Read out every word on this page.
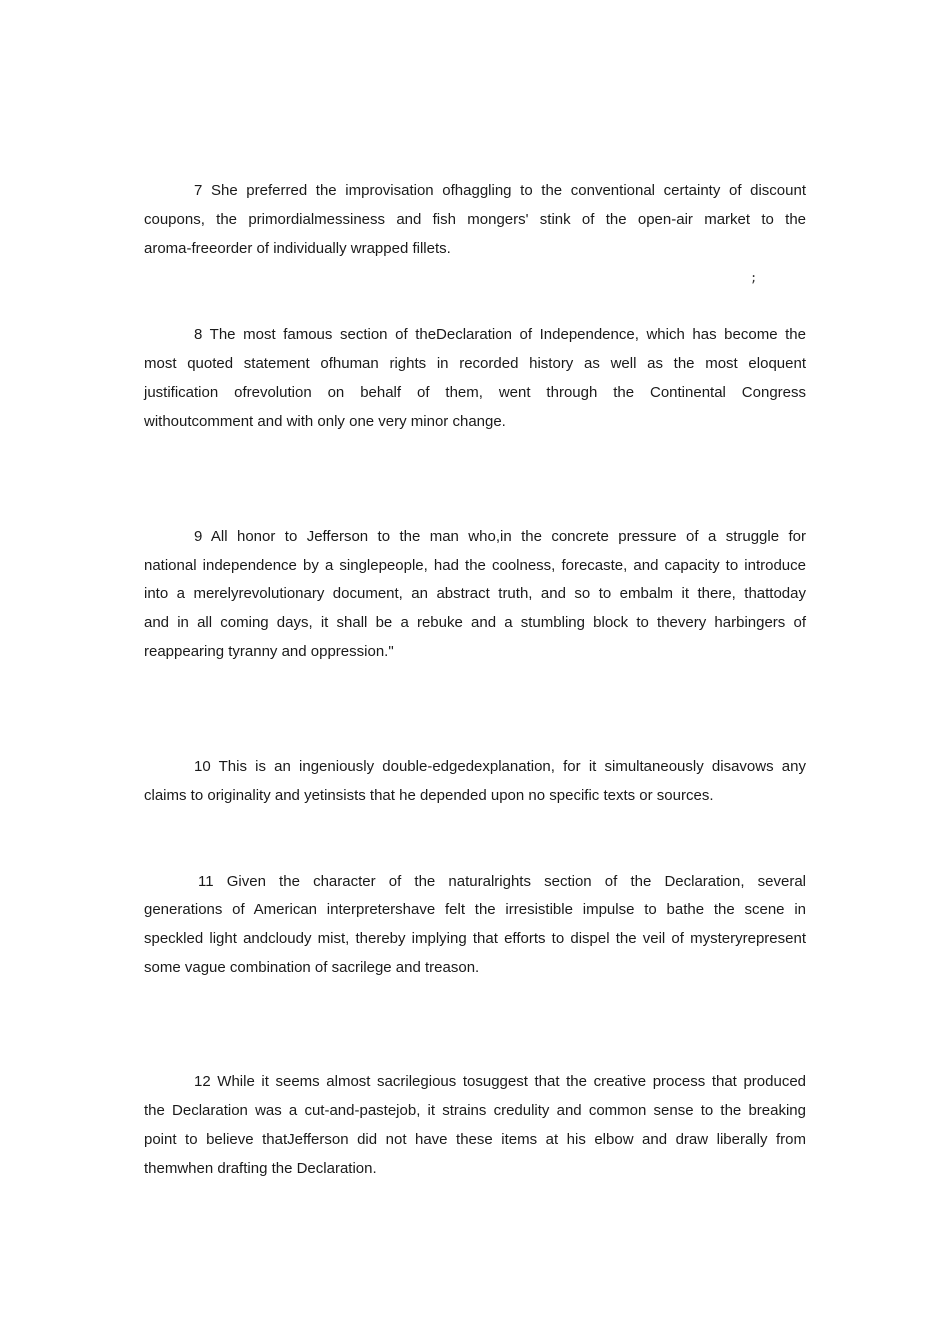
7 She preferred the improvisation ofhaggling to the conventional certainty of discount
coupons, the primordialmessiness and fish mongers' stink of the open-air market to the
aroma-freeorder of individually wrapped fillets.
;
8 The most famous section of theDeclaration of Independence, which has become the
most quoted statement ofhuman rights in recorded history as well as the most eloquent
justification ofrevolution on behalf of them, went through the Continental Congress
withoutcomment and with only one very minor change.
9 All honor to Jefferson to the man who,in the concrete pressure of a struggle for
national independence by a singlepeople, had the coolness, forecaste, and capacity to introduce
into a merelyrevolutionary document, an abstract truth, and so to embalm it there, thattoday
and in all coming days, it shall be a rebuke and a stumbling block to thevery harbingers of
reappearing tyranny and oppression."
10 This is an ingeniously double-edgedexplanation, for it simultaneously disavows any
claims to originality and yetinsists that he depended upon no specific texts or sources.
11 Given the character of the naturalrights section of the Declaration, several
generations of American interpretershave felt the irresistible impulse to bathe the scene in
speckled light andcloudy mist, thereby implying that efforts to dispel the veil of mysteryrepresent
some vague combination of sacrilege and treason.
12 While it seems almost sacrilegious tosuggest that the creative process that produced
the Declaration was a cut-and-pastejob, it strains credulity and common sense to the breaking
point to believe thatJefferson did not have these items at his elbow and draw liberally from
themwhen drafting the Declaration.
